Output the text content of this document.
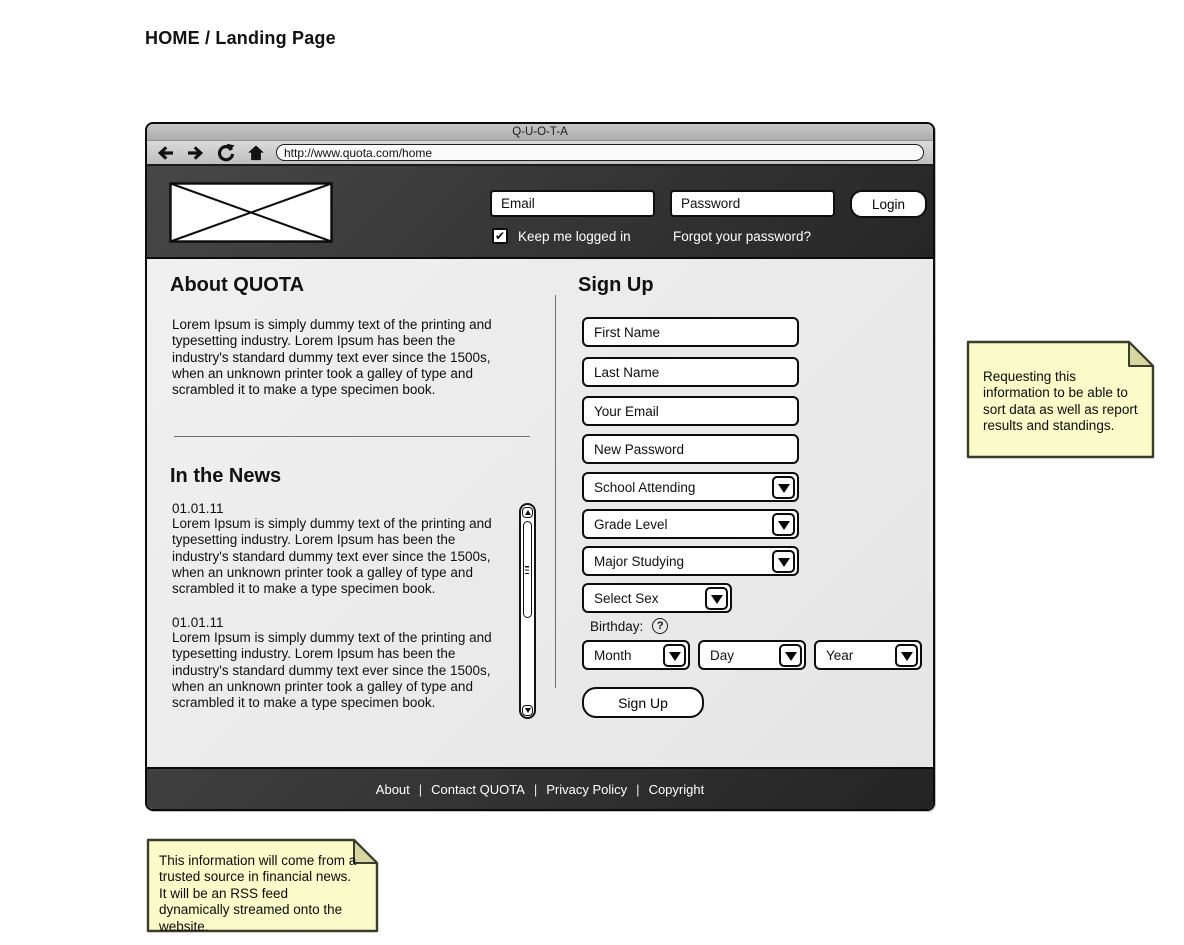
HOME / Landing Page
Q-U-O-T-A
http://www.quota.com/home
Email
Password
Login
✔ Keep me logged in	Forgot your password?
About QUOTA
Lorem Ipsum is simply dummy text of the printing and typesetting industry. Lorem Ipsum has been the industry's standard dummy text ever since the 1500s, when an unknown printer took a galley of type and scrambled it to make a type specimen book.
In the News
01.01.11
Lorem Ipsum is simply dummy text of the printing and typesetting industry. Lorem Ipsum has been the industry's standard dummy text ever since the 1500s, when an unknown printer took a galley of type and scrambled it to make a type specimen book.
01.01.11
Lorem Ipsum is simply dummy text of the printing and typesetting industry. Lorem Ipsum has been the industry's standard dummy text ever since the 1500s, when an unknown printer took a galley of type and scrambled it to make a type specimen book.
Sign Up
First Name
Last Name
Your Email
New Password
School Attending
Grade Level
Major Studying
Select Sex
Birthday:	?
Month	Day	Year
Sign Up
About | Contact QUOTA | Privacy Policy | Copyright
Requesting this information to be able to sort data as well as report results and standings.
This information will come from a trusted source in financial news. It will be an RSS feed dynamically streamed onto the website.
